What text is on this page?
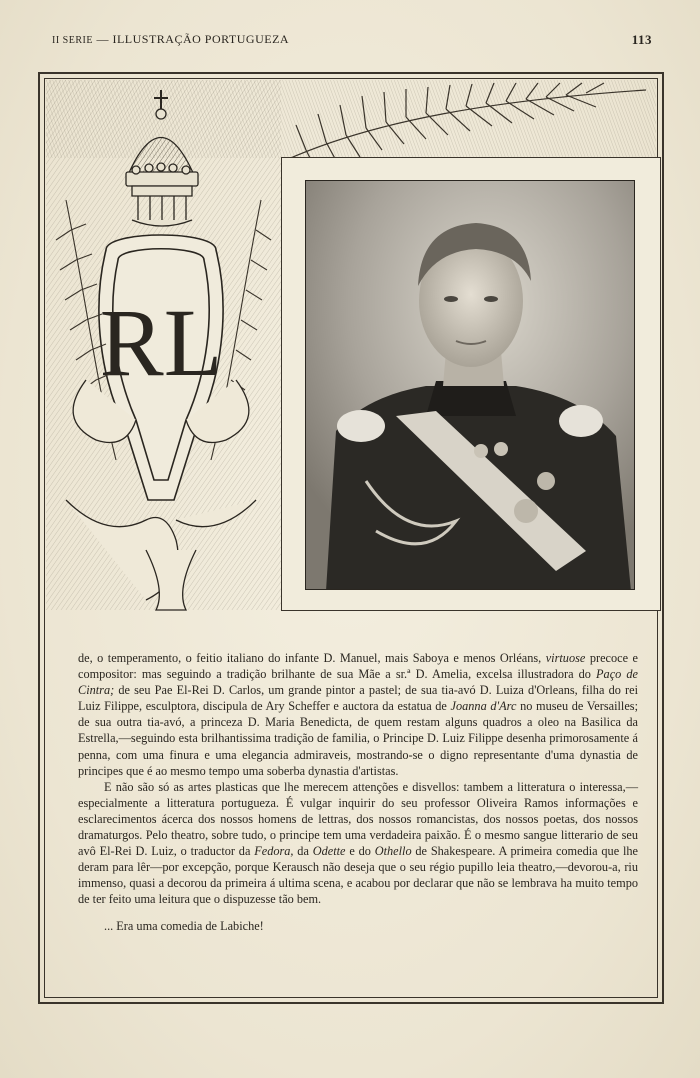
II SERIE — ILLUSTRAÇÃO PORTUGUEZA	113
RL

de, o temperamento, o feitio italiano do infante D. Manuel, mais Saboya e menos Orléans, virtuose precoce e compositor: mas seguindo a tradição brilhante de sua Mãe a sr.ª D. Amelia, excelsa illustradora do Paço de Cintra; de seu Pae El-Rei D. Carlos, um grande pintor a pastel; de sua tia-avó D. Luiza d'Orleans, filha do rei Luiz Filippe, esculptora, discipula de Ary Scheffer e auctora da estatua de Joanna d'Arc no museu de Versailles; de sua outra tia-avó, a princeza D. Maria Benedicta, de quem restam alguns quadros a oleo na Basilica da Estrella,—seguindo esta brilhantissima tradição de familia, o Principe D. Luiz Filippe desenha primorosamente á penna, com uma finura e uma elegancia admiraveis, mostrando-se o digno representante d'uma dynastia de principes que é ao mesmo tempo uma soberba dynastia d'artistas.

E não são só as artes plasticas que lhe merecem attenções e disvellos: tambem a litteratura o interessa,—especialmente a litteratura portugueza. É vulgar inquirir do seu professor Oliveira Ramos informações e esclarecimentos ácerca dos nossos homens de lettras, dos nossos romancistas, dos nossos poetas, dos nossos dramaturgos. Pelo theatro, sobre tudo, o principe tem uma verdadeira paixão. É o mesmo sangue litterario de seu avô El-Rei D. Luiz, o traductor da Fedora, da Odette e do Othello de Shakespeare. A primeira comedia que lhe deram para lêr—por excepção, porque Kerausch não deseja que o seu régio pupillo leia theatro,—devorou-a, riu immenso, quasi a decorou da primeira á ultima scena, e acabou por declarar que não se lembrava ha muito tempo de ter feito uma leitura que o dispuzesse tão bem.

... Era uma comedia de Labiche!
